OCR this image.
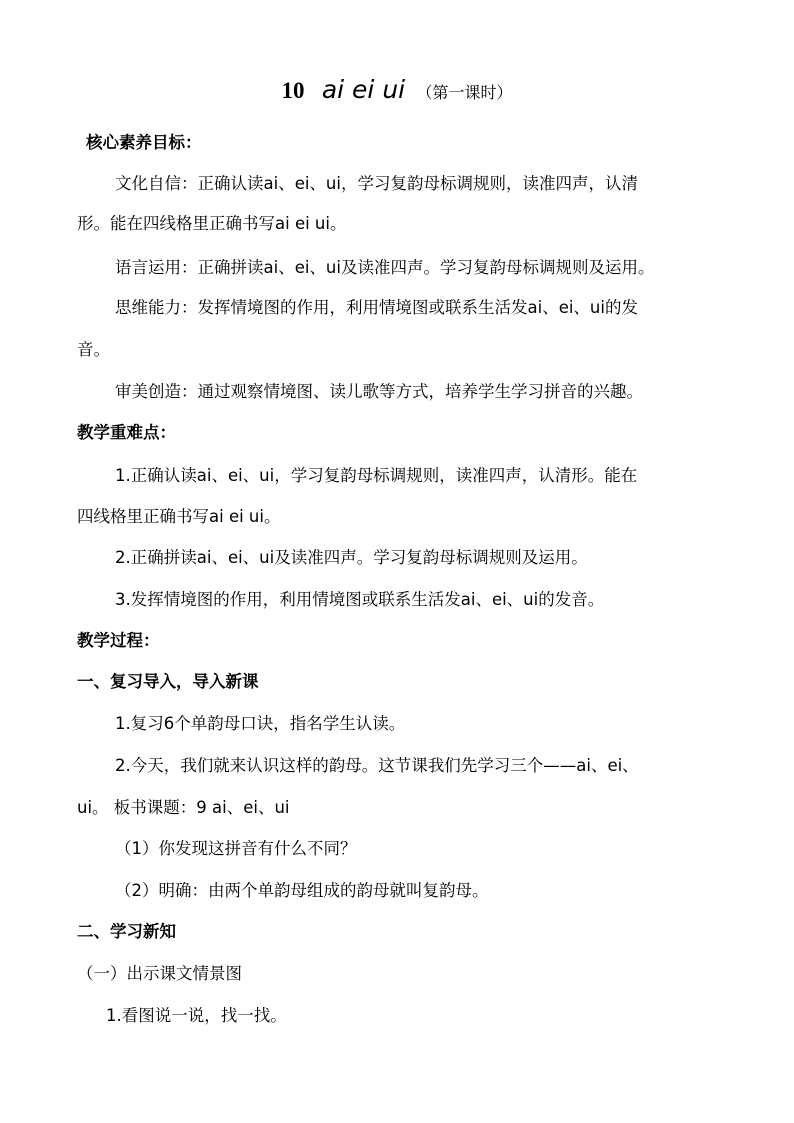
10 ai ei ui （第一课时）
核心素养目标：
文化自信：正确认读ai、ei、ui，学习复韵母标调规则，读准四声，认清
形。能在四线格里正确书写ai ei ui。
语言运用：正确拼读ai、ei、ui及读准四声。学习复韵母标调规则及运用。
思维能力：发挥情境图的作用，利用情境图或联系生活发ai、ei、ui的发
音。
审美创造：通过观察情境图、读儿歌等方式，培养学生学习拼音的兴趣。
教学重难点：
1.正确认读ai、ei、ui，学习复韵母标调规则，读准四声，认清形。能在
四线格里正确书写ai ei ui。
2.正确拼读ai、ei、ui及读准四声。学习复韵母标调规则及运用。
3.发挥情境图的作用，利用情境图或联系生活发ai、ei、ui的发音。
教学过程：
一、复习导入，导入新课
1.复习6个单韵母口诀，指名学生认读。
2.今天，我们就来认识这样的韵母。这节课我们先学习三个——ai、ei、
ui。 板书课题：9 ai、ei、ui
（1）你发现这拼音有什么不同？
（2）明确：由两个单韵母组成的韵母就叫复韵母。
二、学习新知
（一）出示课文情景图
1.看图说一说，找一找。
